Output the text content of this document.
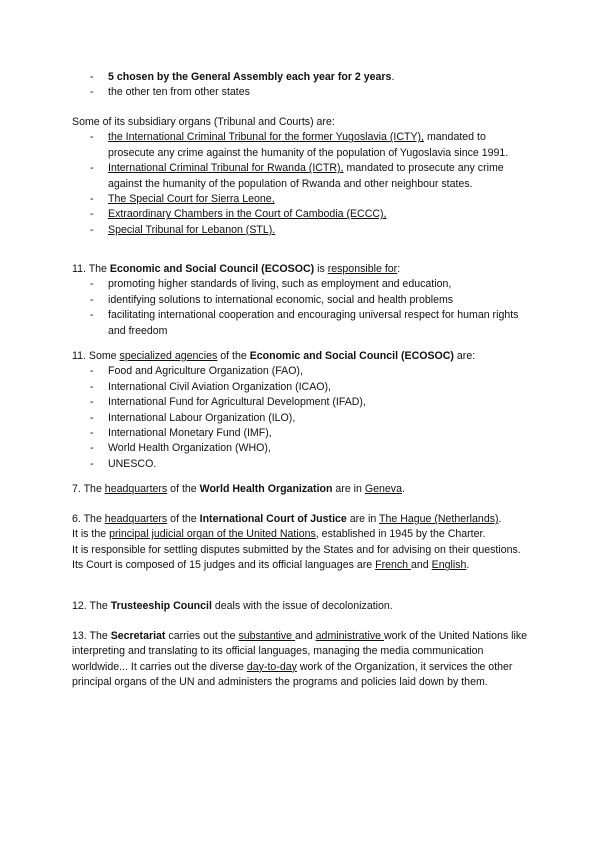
- 5 chosen by the General Assembly each year for 2 years.
- the other ten from other states
Some of its subsidiary organs (Tribunal and Courts) are:
- the International Criminal Tribunal for the former Yugoslavia (ICTY), mandated to prosecute any crime against the humanity of the population of Yugoslavia since 1991.
- International Criminal Tribunal for Rwanda (ICTR), mandated to prosecute any crime against the humanity of the population of Rwanda and other neighbour states.
- The Special Court for Sierra Leone,
- Extraordinary Chambers in the Court of Cambodia (ECCC),
- Special Tribunal for Lebanon (STL).
11. The Economic and Social Council (ECOSOC) is responsible for:
- promoting higher standards of living, such as employment and education,
- identifying solutions to international economic, social and health problems
- facilitating international cooperation and encouraging universal respect for human rights and freedom
11. Some specialized agencies of the Economic and Social Council (ECOSOC) are:
- Food and Agriculture Organization (FAO),
- International Civil Aviation Organization (ICAO),
- International Fund for Agricultural Development (IFAD),
- International Labour Organization (ILO),
- International Monetary Fund (IMF),
- World Health Organization (WHO),
- UNESCO.
7. The headquarters of the World Health Organization are in Geneva.
6. The headquarters of the International Court of Justice are in The Hague (Netherlands).
It is the principal judicial organ of the United Nations, established in 1945 by the Charter.
It is responsible for settling disputes submitted by the States and for advising on their questions. Its Court is composed of 15 judges and its official languages are French and English.
12. The Trusteeship Council deals with the issue of decolonization.
13. The Secretariat carries out the substantive and administrative work of the United Nations like interpreting and translating to its official languages, managing the media communication worldwide... It carries out the diverse day-to-day work of the Organization, it services the other principal organs of the UN and administers the programs and policies laid down by them.
